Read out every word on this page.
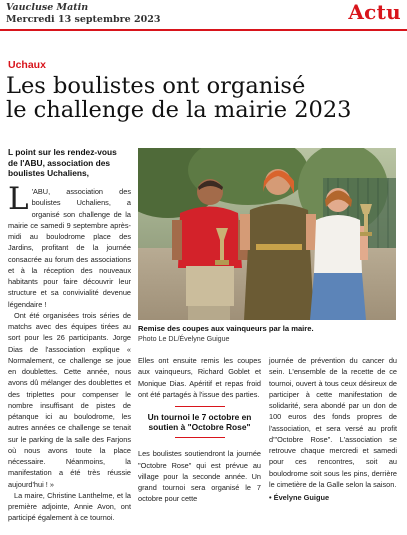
Vaucluse Matin
Mercredi 13 septembre 2023	Actu
Uchaux
Les boulistes ont organisé
le challenge de la mairie 2023
L point sur les rendez-vous de l'ABU, association des boulistes Uchaliens,

L 'ABU, association des boulistes Uchaliens, a organisé son challenge de la mairie ce samedi 9 septembre après-midi au boulodrome place des Jardins, profitant de la journée consacrée au forum des associations et à la réception des nouveaux habitants pour faire découvrir leur structure et sa convivialité devenue légendaire !

Ont été organisées trois séries de matchs avec des équipes tirées au sort pour les 26 participants. Jorge Dias de l'association explique « Normalement, ce challenge se joue en doublettes. Cette année, nous avons dû mélanger des doublettes et des triplettes pour compenser le nombre insuffisant de pistes de pétanque ici au boulodrome, les autres années ce challenge se tenait sur le parking de la salle des Farjons où nous avons toute la place nécessaire. Néanmoins, la manifestation a été très réussie aujourd'hui ! »

La maire, Christine Lanthelme, et la première adjointe, Annie Avon, ont participé également à ce tournoi.

Remise des coupes aux vainqueurs par la maire.
Photo Le DL/Évelyne Guigue

Elles ont ensuite remis les coupes aux vainqueurs, Richard Goblet et Monique Dias. Apéritif et repas froid ont été partagés à l'issue des parties.

Un tournoi le 7 octobre en soutien à "Octobre Rose"

Les boulistes soutiendront la journée "Octobre Rose" qui est prévue au village pour la seconde année. Un grand tournoi sera organisé le 7 octobre pour cette

journée de prévention du cancer du sein. L'ensemble de la recette de ce tournoi, ouvert à tous ceux désireux de participer à cette manifestation de solidarité, sera abondé par un don de 100 euros des fonds propres de l'association, et sera versé au profit d'"Octobre Rose". L'association se retrouve chaque mercredi et samedi pour ces rencontres, soit au boulodrome soit sous les pins, derrière le cimetière de la Galle selon la saison.

• Évelyne Guigue
